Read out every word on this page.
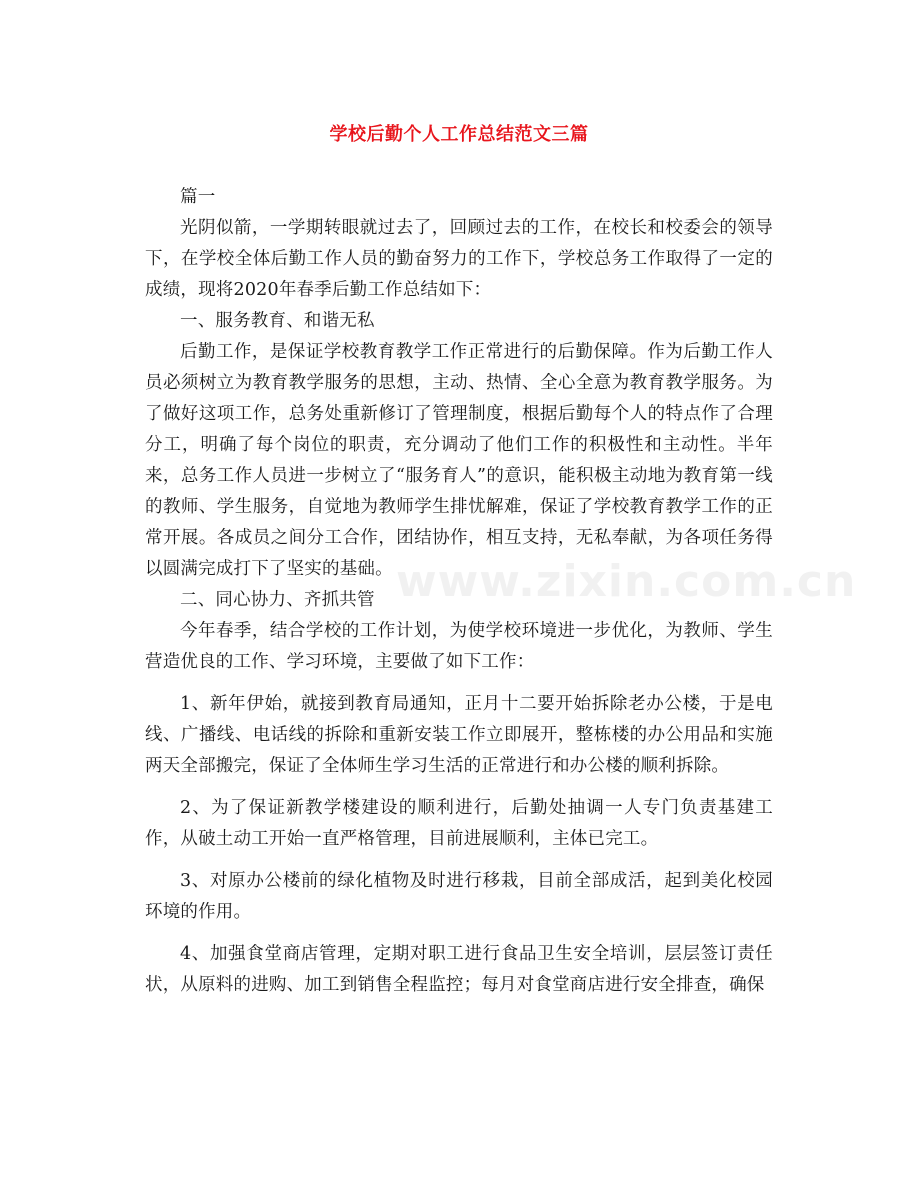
学校后勤个人工作总结范文三篇

篇一

光阴似箭，一学期转眼就过去了，回顾过去的工作，在校长和校委会的领导下，在学校全体后勤工作人员的勤奋努力的工作下，学校总务工作取得了一定的成绩，现将2020年春季后勤工作总结如下：

一、服务教育、和谐无私

后勤工作，是保证学校教育教学工作正常进行的后勤保障。作为后勤工作人员必须树立为教育教学服务的思想，主动、热情、全心全意为教育教学服务。为了做好这项工作，总务处重新修订了管理制度，根据后勤每个人的特点作了合理分工，明确了每个岗位的职责，充分调动了他们工作的积极性和主动性。半年来，总务工作人员进一步树立了“服务育人”的意识，能积极主动地为教育第一线的教师、学生服务，自觉地为教师学生排忧解难，保证了学校教育教学工作的正常开展。各成员之间分工合作，团结协作，相互支持，无私奉献，为各项任务得以圆满完成打下了坚实的基础。

二、同心协力、齐抓共管

今年春季，结合学校的工作计划，为使学校环境进一步优化，为教师、学生营造优良的工作、学习环境，主要做了如下工作：

1、新年伊始，就接到教育局通知，正月十二要开始拆除老办公楼，于是电线、广播线、电话线的拆除和重新安装工作立即展开，整栋楼的办公用品和实施两天全部搬完，保证了全体师生学习生活的正常进行和办公楼的顺利拆除。

2、为了保证新教学楼建设的顺利进行，后勤处抽调一人专门负责基建工作，从破土动工开始一直严格管理，目前进展顺利，主体已完工。

3、对原办公楼前的绿化植物及时进行移栽，目前全部成活，起到美化校园环境的作用。

4、加强食堂商店管理，定期对职工进行食品卫生安全培训，层层签订责任状，从原料的进购、加工到销售全程监控；每月对食堂商店进行安全排查，确保

www.zixin.com.cn
